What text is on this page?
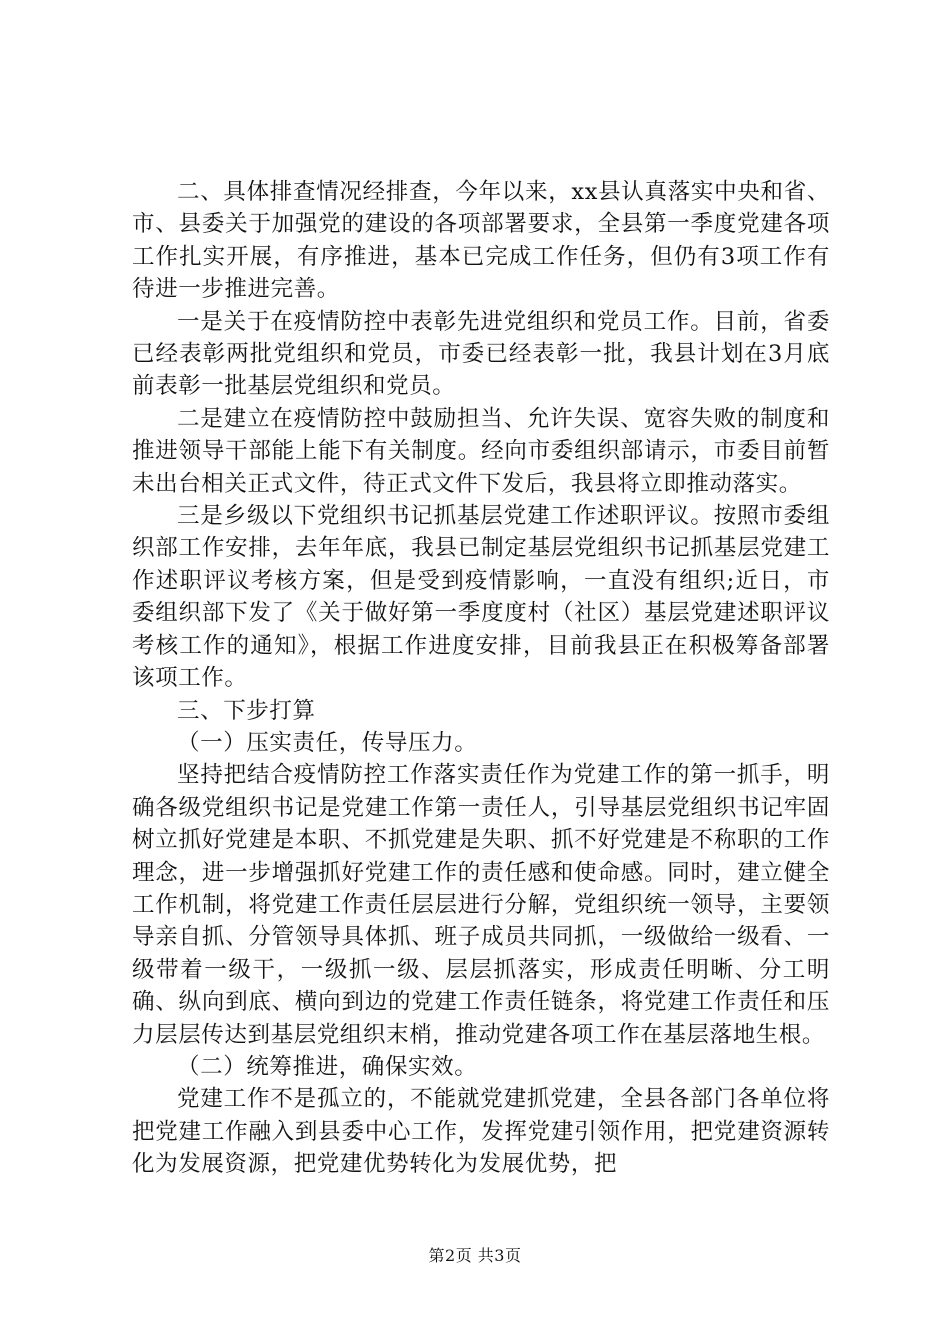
二、具体排查情况经排查，今年以来，xx县认真落实中央和省、市、县委关于加强党的建设的各项部署要求，全县第一季度党建各项工作扎实开展，有序推进，基本已完成工作任务，但仍有3项工作有待进一步推进完善。

一是关于在疫情防控中表彰先进党组织和党员工作。目前，省委已经表彰两批党组织和党员，市委已经表彰一批，我县计划在3月底前表彰一批基层党组织和党员。

二是建立在疫情防控中鼓励担当、允许失误、宽容失败的制度和推进领导干部能上能下有关制度。经向市委组织部请示，市委目前暂未出台相关正式文件，待正式文件下发后，我县将立即推动落实。

三是乡级以下党组织书记抓基层党建工作述职评议。按照市委组织部工作安排，去年年底，我县已制定基层党组织书记抓基层党建工作述职评议考核方案，但是受到疫情影响，一直没有组织;近日，市委组织部下发了《关于做好第一季度度村（社区）基层党建述职评议考核工作的通知》，根据工作进度安排，目前我县正在积极筹备部署该项工作。

三、下步打算

（一）压实责任，传导压力。

坚持把结合疫情防控工作落实责任作为党建工作的第一抓手，明确各级党组织书记是党建工作第一责任人，引导基层党组织书记牢固树立抓好党建是本职、不抓党建是失职、抓不好党建是不称职的工作理念，进一步增强抓好党建工作的责任感和使命感。同时，建立健全工作机制，将党建工作责任层层进行分解，党组织统一领导，主要领导亲自抓、分管领导具体抓、班子成员共同抓，一级做给一级看、一级带着一级干，一级抓一级、层层抓落实，形成责任明晰、分工明确、纵向到底、横向到边的党建工作责任链条，将党建工作责任和压力层层传达到基层党组织末梢，推动党建各项工作在基层落地生根。

（二）统筹推进，确保实效。

党建工作不是孤立的，不能就党建抓党建，全县各部门各单位将把党建工作融入到县委中心工作，发挥党建引领作用，把党建资源转化为发展资源，把党建优势转化为发展优势，把

第2页 共3页
